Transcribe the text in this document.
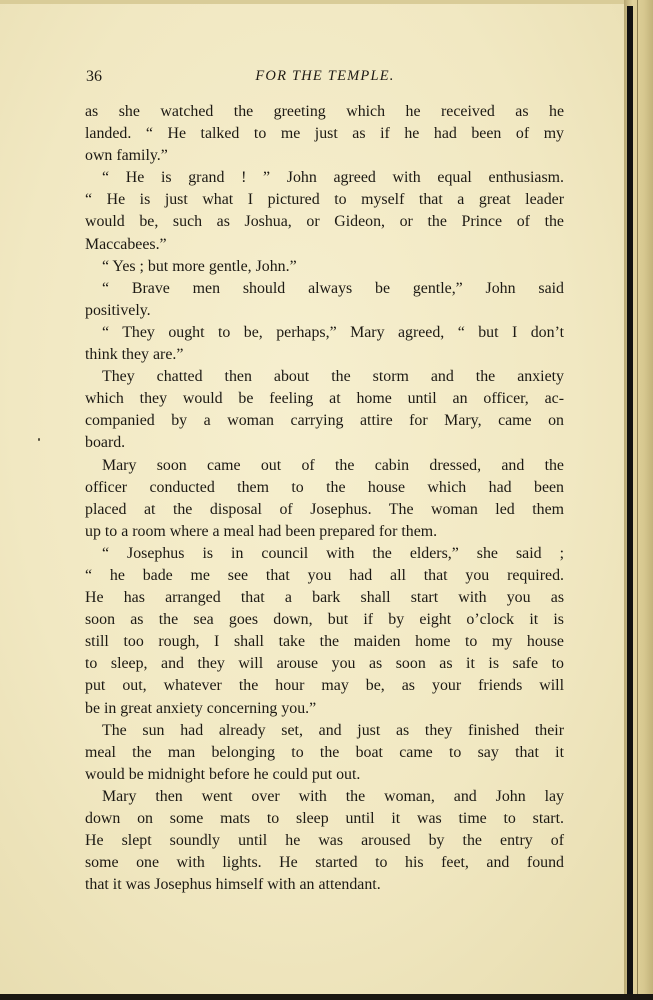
36	FOR THE TEMPLE.

as she watched the greeting which he received as he
landed. “ He talked to me just as if he had been of my
own family.”

“ He is grand ! ” John agreed with equal enthusiasm.
“ He is just what I pictured to myself that a great leader
would be, such as Joshua, or Gideon, or the Prince of the
Maccabees.”

“ Yes ; but more gentle, John.”

“ Brave men should always be gentle,” John said
positively.

“ They ought to be, perhaps,” Mary agreed, “ but I don’t
think they are.”

They chatted then about the storm and the anxiety
which they would be feeling at home until an officer, ac-
companied by a woman carrying attire for Mary, came on
board.

Mary soon came out of the cabin dressed, and the
officer conducted them to the house which had been
placed at the disposal of Josephus. The woman led them
up to a room where a meal had been prepared for them.

“ Josephus is in council with the elders,” she said ;
“ he bade me see that you had all that you required.
He has arranged that a bark shall start with you as
soon as the sea goes down, but if by eight o’clock it is
still too rough, I shall take the maiden home to my house
to sleep, and they will arouse you as soon as it is safe to
put out, whatever the hour may be, as your friends will
be in great anxiety concerning you.”

The sun had already set, and just as they finished their
meal the man belonging to the boat came to say that it
would be midnight before he could put out.

Mary then went over with the woman, and John lay
down on some mats to sleep until it was time to start.
He slept soundly until he was aroused by the entry of
some one with lights. He started to his feet, and found
that it was Josephus himself with an attendant.
